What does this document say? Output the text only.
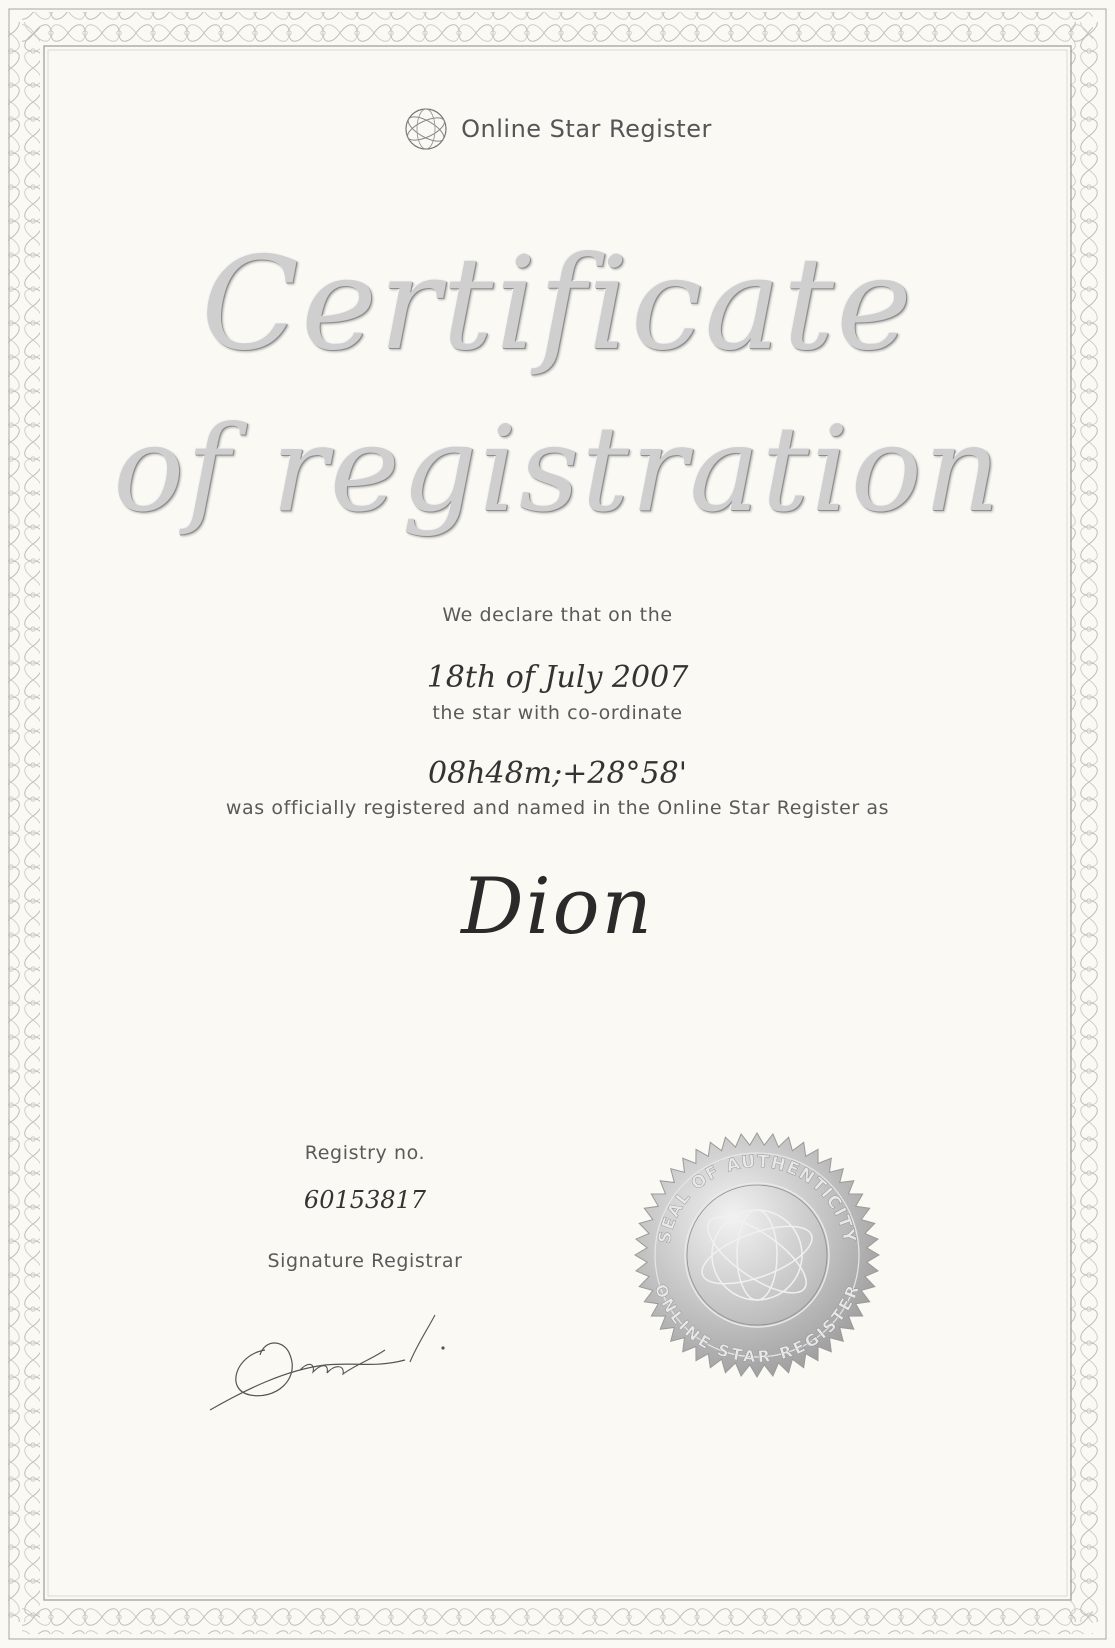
Online Star Register
Certificate
of registration
We declare that on the
18th of July 2007
the star with co-ordinate
08h48m;+28°58'
was officially registered and named in the Online Star Register as
Dion
Registry no.
60153817
Signature Registrar
SEAL OF AUTHENTICITY
ONLINE STAR REGISTER
